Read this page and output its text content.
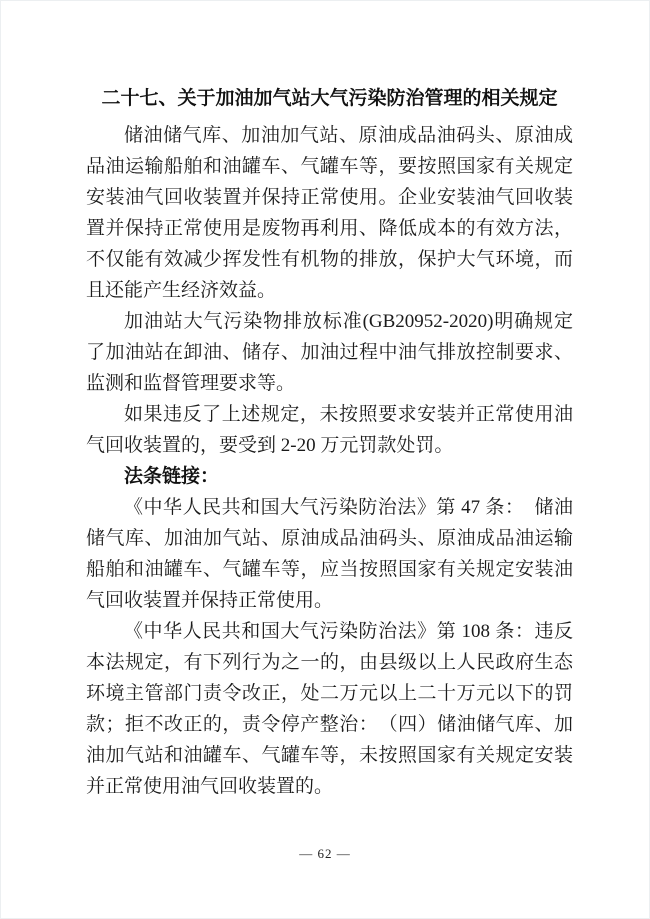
二十七、关于加油加气站大气污染防治管理的相关规定

储油储气库、加油加气站、原油成品油码头、原油成品油运输船舶和油罐车、气罐车等，要按照国家有关规定安装油气回收装置并保持正常使用。企业安装油气回收装置并保持正常使用是废物再利用、降低成本的有效方法，不仅能有效减少挥发性有机物的排放，保护大气环境，而且还能产生经济效益。

加油站大气污染物排放标准(GB20952-2020)明确规定了加油站在卸油、储存、加油过程中油气排放控制要求、监测和监督管理要求等。

如果违反了上述规定，未按照要求安装并正常使用油气回收装置的，要受到 2-20 万元罚款处罚。

法条链接：

《中华人民共和国大气污染防治法》第 47 条：　储油储气库、加油加气站、原油成品油码头、原油成品油运输船舶和油罐车、气罐车等，应当按照国家有关规定安装油气回收装置并保持正常使用。

《中华人民共和国大气污染防治法》第 108 条：违反本法规定，有下列行为之一的，由县级以上人民政府生态环境主管部门责令改正，处二万元以上二十万元以下的罚款；拒不改正的，责令停产整治：　（四）储油储气库、加油加气站和油罐车、气罐车等，未按照国家有关规定安装并正常使用油气回收装置的。

— 62 —
